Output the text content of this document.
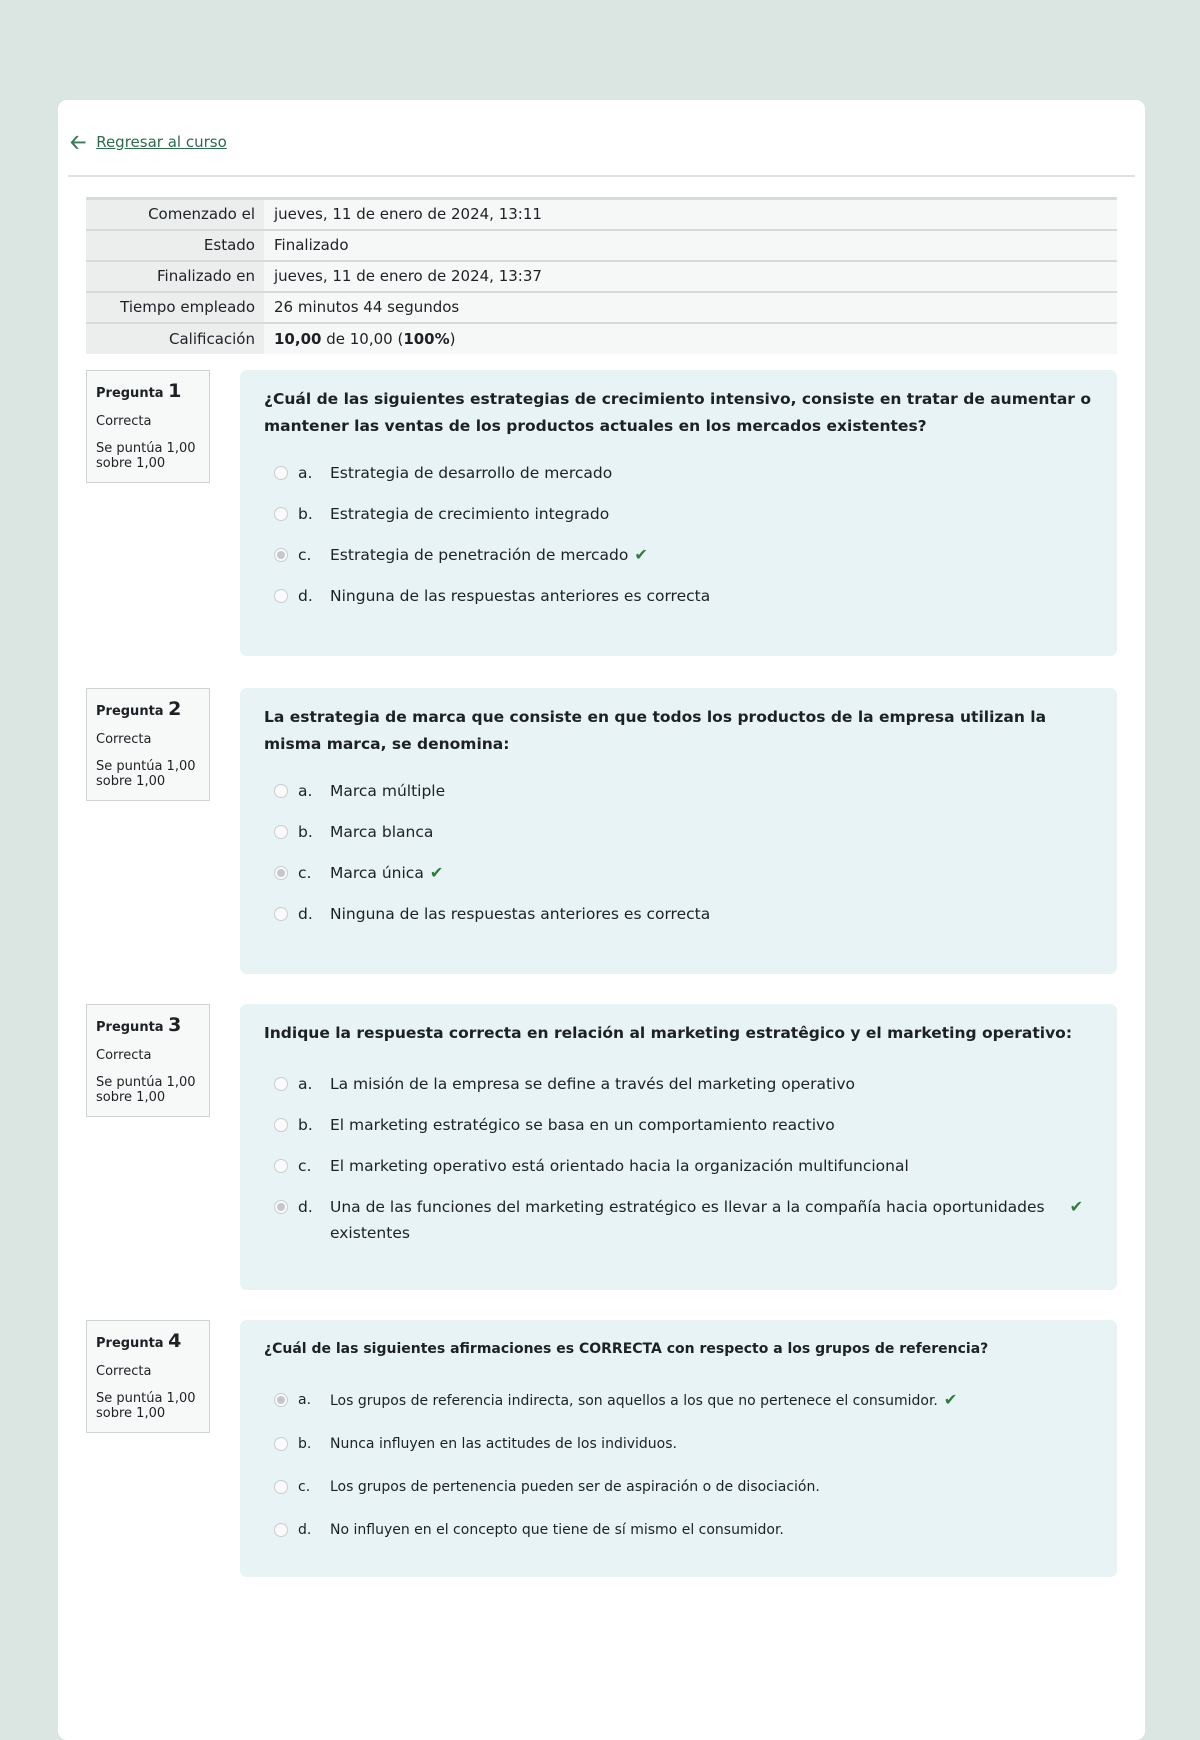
🡠 Regresar al curso
Comenzado el	jueves, 11 de enero de 2024, 13:11
Estado	Finalizado
Finalizado en	jueves, 11 de enero de 2024, 13:37
Tiempo empleado	26 minutos 44 segundos
Calificación	10,00 de 10,00 (100%)
Pregunta 1
Correcta
Se puntúa 1,00 sobre 1,00
¿Cuál de las siguientes estrategias de crecimiento intensivo, consiste en tratar de aumentar o mantener las ventas de los productos actuales en los mercados existentes?
a.	Estrategia de desarrollo de mercado
b.	Estrategia de crecimiento integrado
c.	Estrategia de penetración de mercado ✔
d.	Ninguna de las respuestas anteriores es correcta
Pregunta 2
Correcta
Se puntúa 1,00 sobre 1,00
La estrategia de marca que consiste en que todos los productos de la empresa utilizan la misma marca, se denomina:
a.	Marca múltiple
b.	Marca blanca
c.	Marca única ✔
d.	Ninguna de las respuestas anteriores es correcta
Pregunta 3
Correcta
Se puntúa 1,00 sobre 1,00
Indique la respuesta correcta en relación al marketing estratêgico y el marketing operativo:
a.	La misión de la empresa se define a través del marketing operativo
b.	El marketing estratégico se basa en un comportamiento reactivo
c.	El marketing operativo está orientado hacia la organización multifuncional
d.	Una de las funciones del marketing estratégico es llevar a la compañía hacia oportunidades existentes
✔
Pregunta 4
Correcta
Se puntúa 1,00 sobre 1,00
¿Cuál de las siguientes afirmaciones es CORRECTA con respecto a los grupos de referencia?
a.	Los grupos de referencia indirecta, son aquellos a los que no pertenece el consumidor. ✔
b.	Nunca influyen en las actitudes de los individuos.
c.	Los grupos de pertenencia pueden ser de aspiración o de disociación.
d.	No influyen en el concepto que tiene de sí mismo el consumidor.
